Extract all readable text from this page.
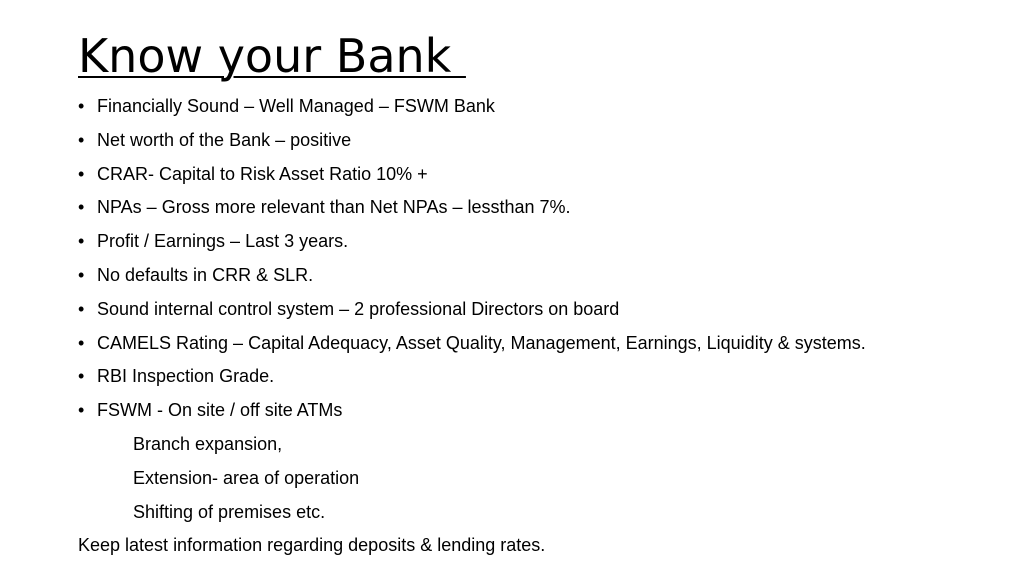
Know your Bank
• Financially Sound – Well Managed – FSWM Bank
• Net worth of the Bank – positive
• CRAR- Capital to Risk Asset Ratio 10% +
• NPAs – Gross more relevant than Net NPAs – lessthan 7%.
• Profit / Earnings – Last 3 years.
• No defaults in CRR & SLR.
• Sound internal control system – 2 professional Directors on board
• CAMELS Rating – Capital Adequacy, Asset Quality, Management, Earnings, Liquidity & systems.
• RBI Inspection Grade.
• FSWM - On site / off site ATMs
Branch expansion,
Extension- area of operation
Shifting of premises etc.
Keep latest information regarding deposits & lending rates.
